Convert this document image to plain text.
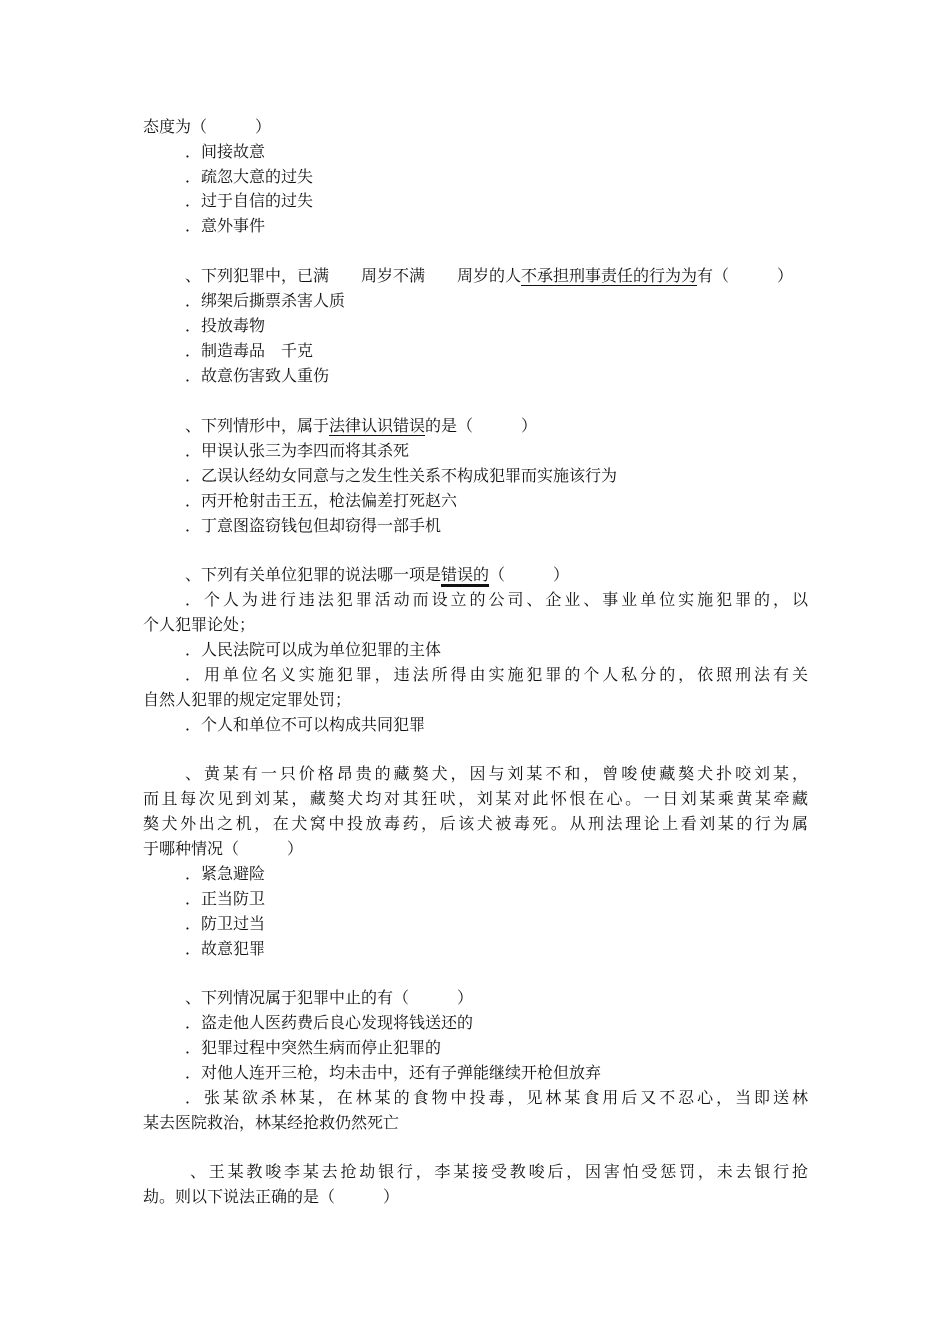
态度为（　　　）
．间接故意
．疏忽大意的过失
．过于自信的过失
．意外事件
、下列犯罪中，已满　　周岁不满　　周岁的人不承担刑事责任的行为为有（　　　）
．绑架后撕票杀害人质
．投放毒物
．制造毒品　千克
．故意伤害致人重伤
、下列情形中，属于法律认识错误的是（　　　）
．甲误认张三为李四而将其杀死
．乙误认经幼女同意与之发生性关系不构成犯罪而实施该行为
．丙开枪射击王五，枪法偏差打死赵六
．丁意图盗窃钱包但却窃得一部手机
、下列有关单位犯罪的说法哪一项是错误的（　　　）
．个人为进行违法犯罪活动而设立的公司、企业、事业单位实施犯罪的，以
个人犯罪论处；
．人民法院可以成为单位犯罪的主体
．用单位名义实施犯罪，违法所得由实施犯罪的个人私分的，依照刑法有关
自然人犯罪的规定定罪处罚；
．个人和单位不可以构成共同犯罪
、黄某有一只价格昂贵的藏獒犬，因与刘某不和，曾唆使藏獒犬扑咬刘某，
而且每次见到刘某，藏獒犬均对其狂吠，刘某对此怀恨在心。一日刘某乘黄某牵藏
獒犬外出之机，在犬窝中投放毒药，后该犬被毒死。从刑法理论上看刘某的行为属
于哪种情况（　　　）
．紧急避险
．正当防卫
．防卫过当
．故意犯罪
、下列情况属于犯罪中止的有（　　　）
．盗走他人医药费后良心发现将钱送还的
．犯罪过程中突然生病而停止犯罪的
．对他人连开三枪，均未击中，还有子弹能继续开枪但放弃
．张某欲杀林某，在林某的食物中投毒，见林某食用后又不忍心，当即送林
某去医院救治，林某经抢救仍然死亡
、王某教唆李某去抢劫银行，李某接受教唆后，因害怕受惩罚，未去银行抢
劫。则以下说法正确的是（　　　）
